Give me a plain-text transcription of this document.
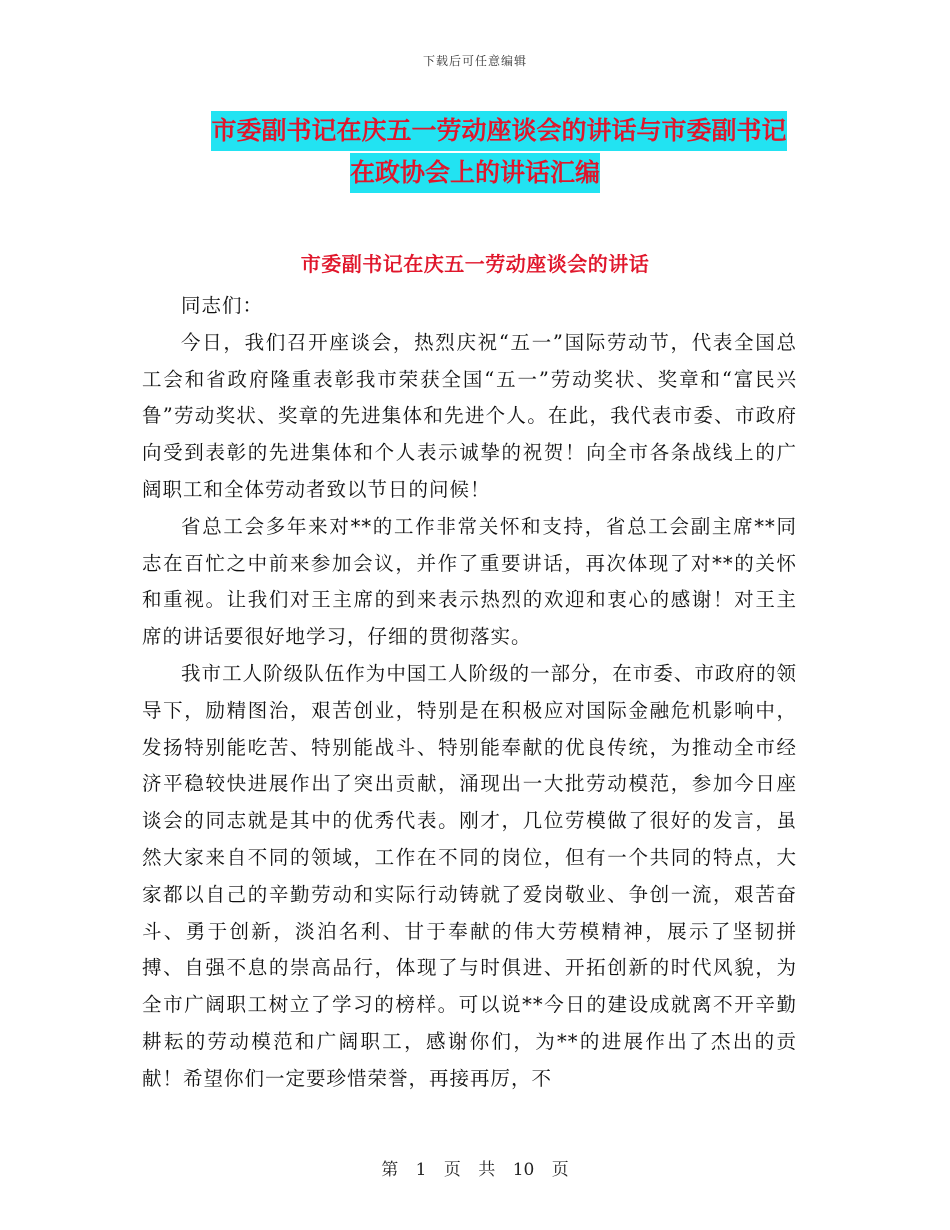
下载后可任意编辑
市委副书记在庆五一劳动座谈会的讲话与市委副书记
在政协会上的讲话汇编
市委副书记在庆五一劳动座谈会的讲话

同志们：

今日，我们召开座谈会，热烈庆祝“五一”国际劳动节，代表全国总工会和省政府隆重表彰我市荣获全国“五一”劳动奖状、奖章和“富民兴鲁”劳动奖状、奖章的先进集体和先进个人。在此，我代表市委、市政府向受到表彰的先进集体和个人表示诚挚的祝贺！向全市各条战线上的广阔职工和全体劳动者致以节日的问候！

省总工会多年来对**的工作非常关怀和支持，省总工会副主席**同志在百忙之中前来参加会议，并作了重要讲话，再次体现了对**的关怀和重视。让我们对王主席的到来表示热烈的欢迎和衷心的感谢！对王主席的讲话要很好地学习，仔细的贯彻落实。

我市工人阶级队伍作为中国工人阶级的一部分，在市委、市政府的领导下，励精图治，艰苦创业，特别是在积极应对国际金融危机影响中，发扬特别能吃苦、特别能战斗、特别能奉献的优良传统，为推动全市经济平稳较快进展作出了突出贡献，涌现出一大批劳动模范，参加今日座谈会的同志就是其中的优秀代表。刚才，几位劳模做了很好的发言，虽然大家来自不同的领域，工作在不同的岗位，但有一个共同的特点，大家都以自己的辛勤劳动和实际行动铸就了爱岗敬业、争创一流，艰苦奋斗、勇于创新，淡泊名利、甘于奉献的伟大劳模精神，展示了坚韧拼搏、自强不息的崇高品行，体现了与时俱进、开拓创新的时代风貌，为全市广阔职工树立了学习的榜样。可以说**今日的建设成就离不开辛勤耕耘的劳动模范和广阔职工，感谢你们，为**的进展作出了杰出的贡献！希望你们一定要珍惜荣誉，再接再厉，不

第 1 页 共 10 页
